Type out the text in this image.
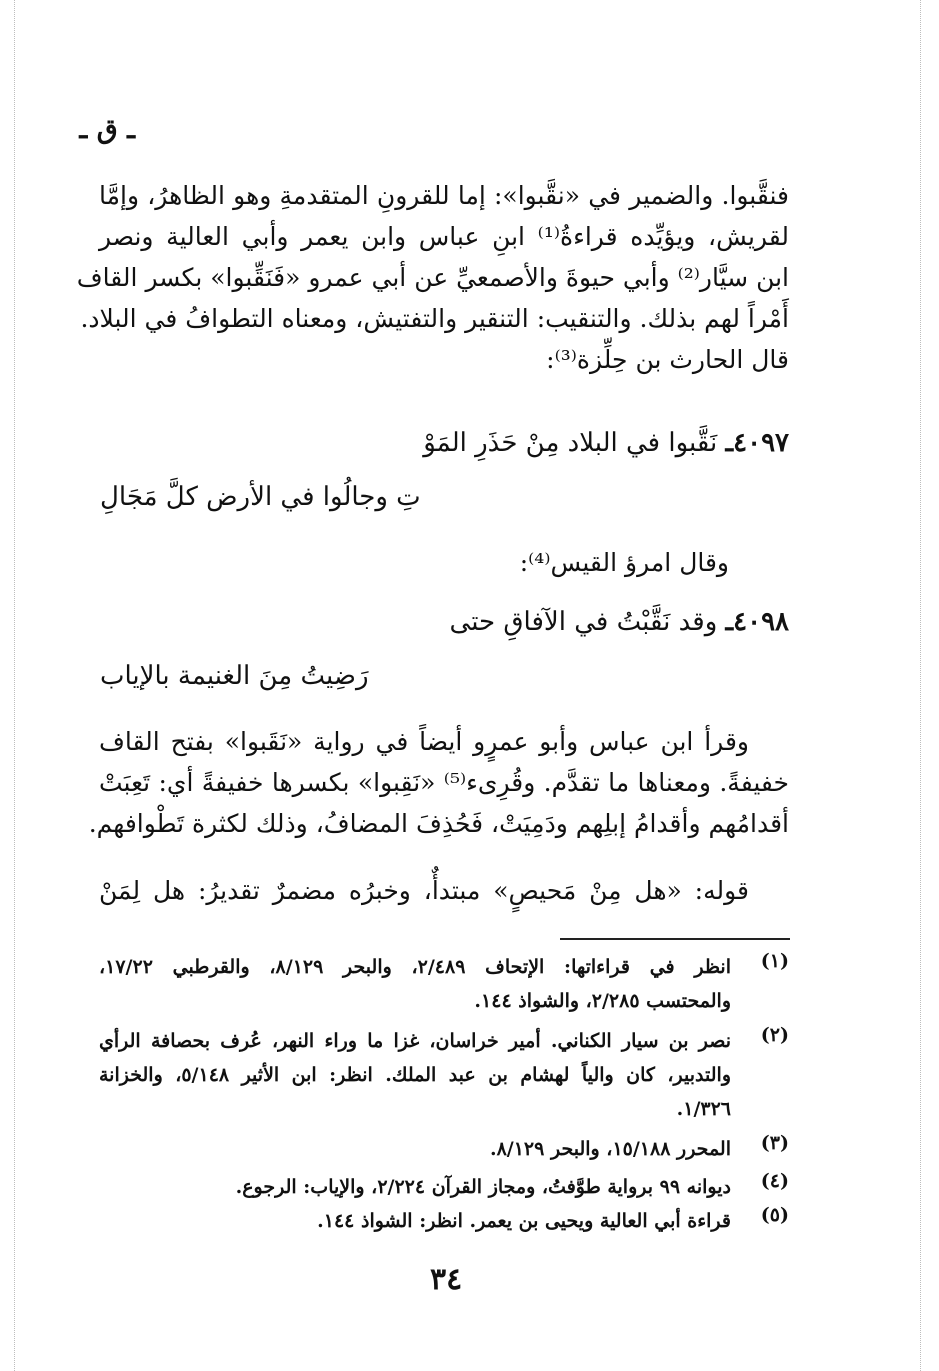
ـ ق ـ
فنقَّبوا. والضمير في «نقَّبوا»: إما للقرونِ المتقدمةِ وهو الظاهرُ، وإمَّا
لقريش، ويؤيِّده قراءةُ⁽¹⁾ ابنِ عباس وابن يعمر وأبي العالية ونصر
ابن سيَّار⁽²⁾ وأبي حيوةَ والأصمعيِّ عن أبي عمرو «فَنَقِّبوا» بكسر القاف
أَمْراً لهم بذلك. والتنقيب: التنقير والتفتيش، ومعناه التطوافُ في البلاد.
قال الحارث بن حِلِّزة⁽³⁾:
٤٠٩٧ـ نَقَّبوا في البلاد مِنْ حَذَرِ المَوْ
تِ وجالُوا في الأرض كلَّ مَجَالِ
وقال امرؤ القيس⁽⁴⁾:
٤٠٩٨ـ وقد نَقَّبْتُ في الآفاقِ حتى
رَضِيتُ مِنَ الغنيمة بالإياب
وقرأ ابن عباس وأبو عمرٍو أيضاً في رواية «نَقَبوا» بفتح القاف
خفيفةً. ومعناها ما تقدَّم. وقُرِىء⁽⁵⁾ «نَقِبوا» بكسرها خفيفةً أي: تَعِبَتْ
أقدامُهم وأقدامُ إبلِهم ودَمِيَتْ، فَحُذِفَ المضافُ، وذلك لكثرة تَطْوافهم.
قوله: «هل مِنْ مَحيصٍ» مبتدأٌ، وخبرُه مضمرٌ تقديرُ: هل لِمَنْ
(١)
انظر في قراءاتها: الإتحاف ٢/٤٨٩، والبحر ٨/١٢٩، والقرطبي ١٧/٢٢،
والمحتسب ٢/٢٨٥، والشواذ ١٤٤.
(٢)
نصر بن سيار الكناني. أمير خراسان، غزا ما وراء النهر، عُرف بحصافة الرأي
والتدبير، كان والياً لهشام بن عبد الملك. انظر: ابن الأثير ٥/١٤٨، والخزانة
١/٣٢٦.
(٣)
المحرر ١٥/١٨٨، والبحر ٨/١٢٩.
(٤)
ديوانه ٩٩ برواية طوَّفتُ، ومجاز القرآن ٢/٢٢٤، والإياب: الرجوع.
(٥)
قراءة أبي العالية ويحيى بن يعمر. انظر: الشواذ ١٤٤.
٣٤
